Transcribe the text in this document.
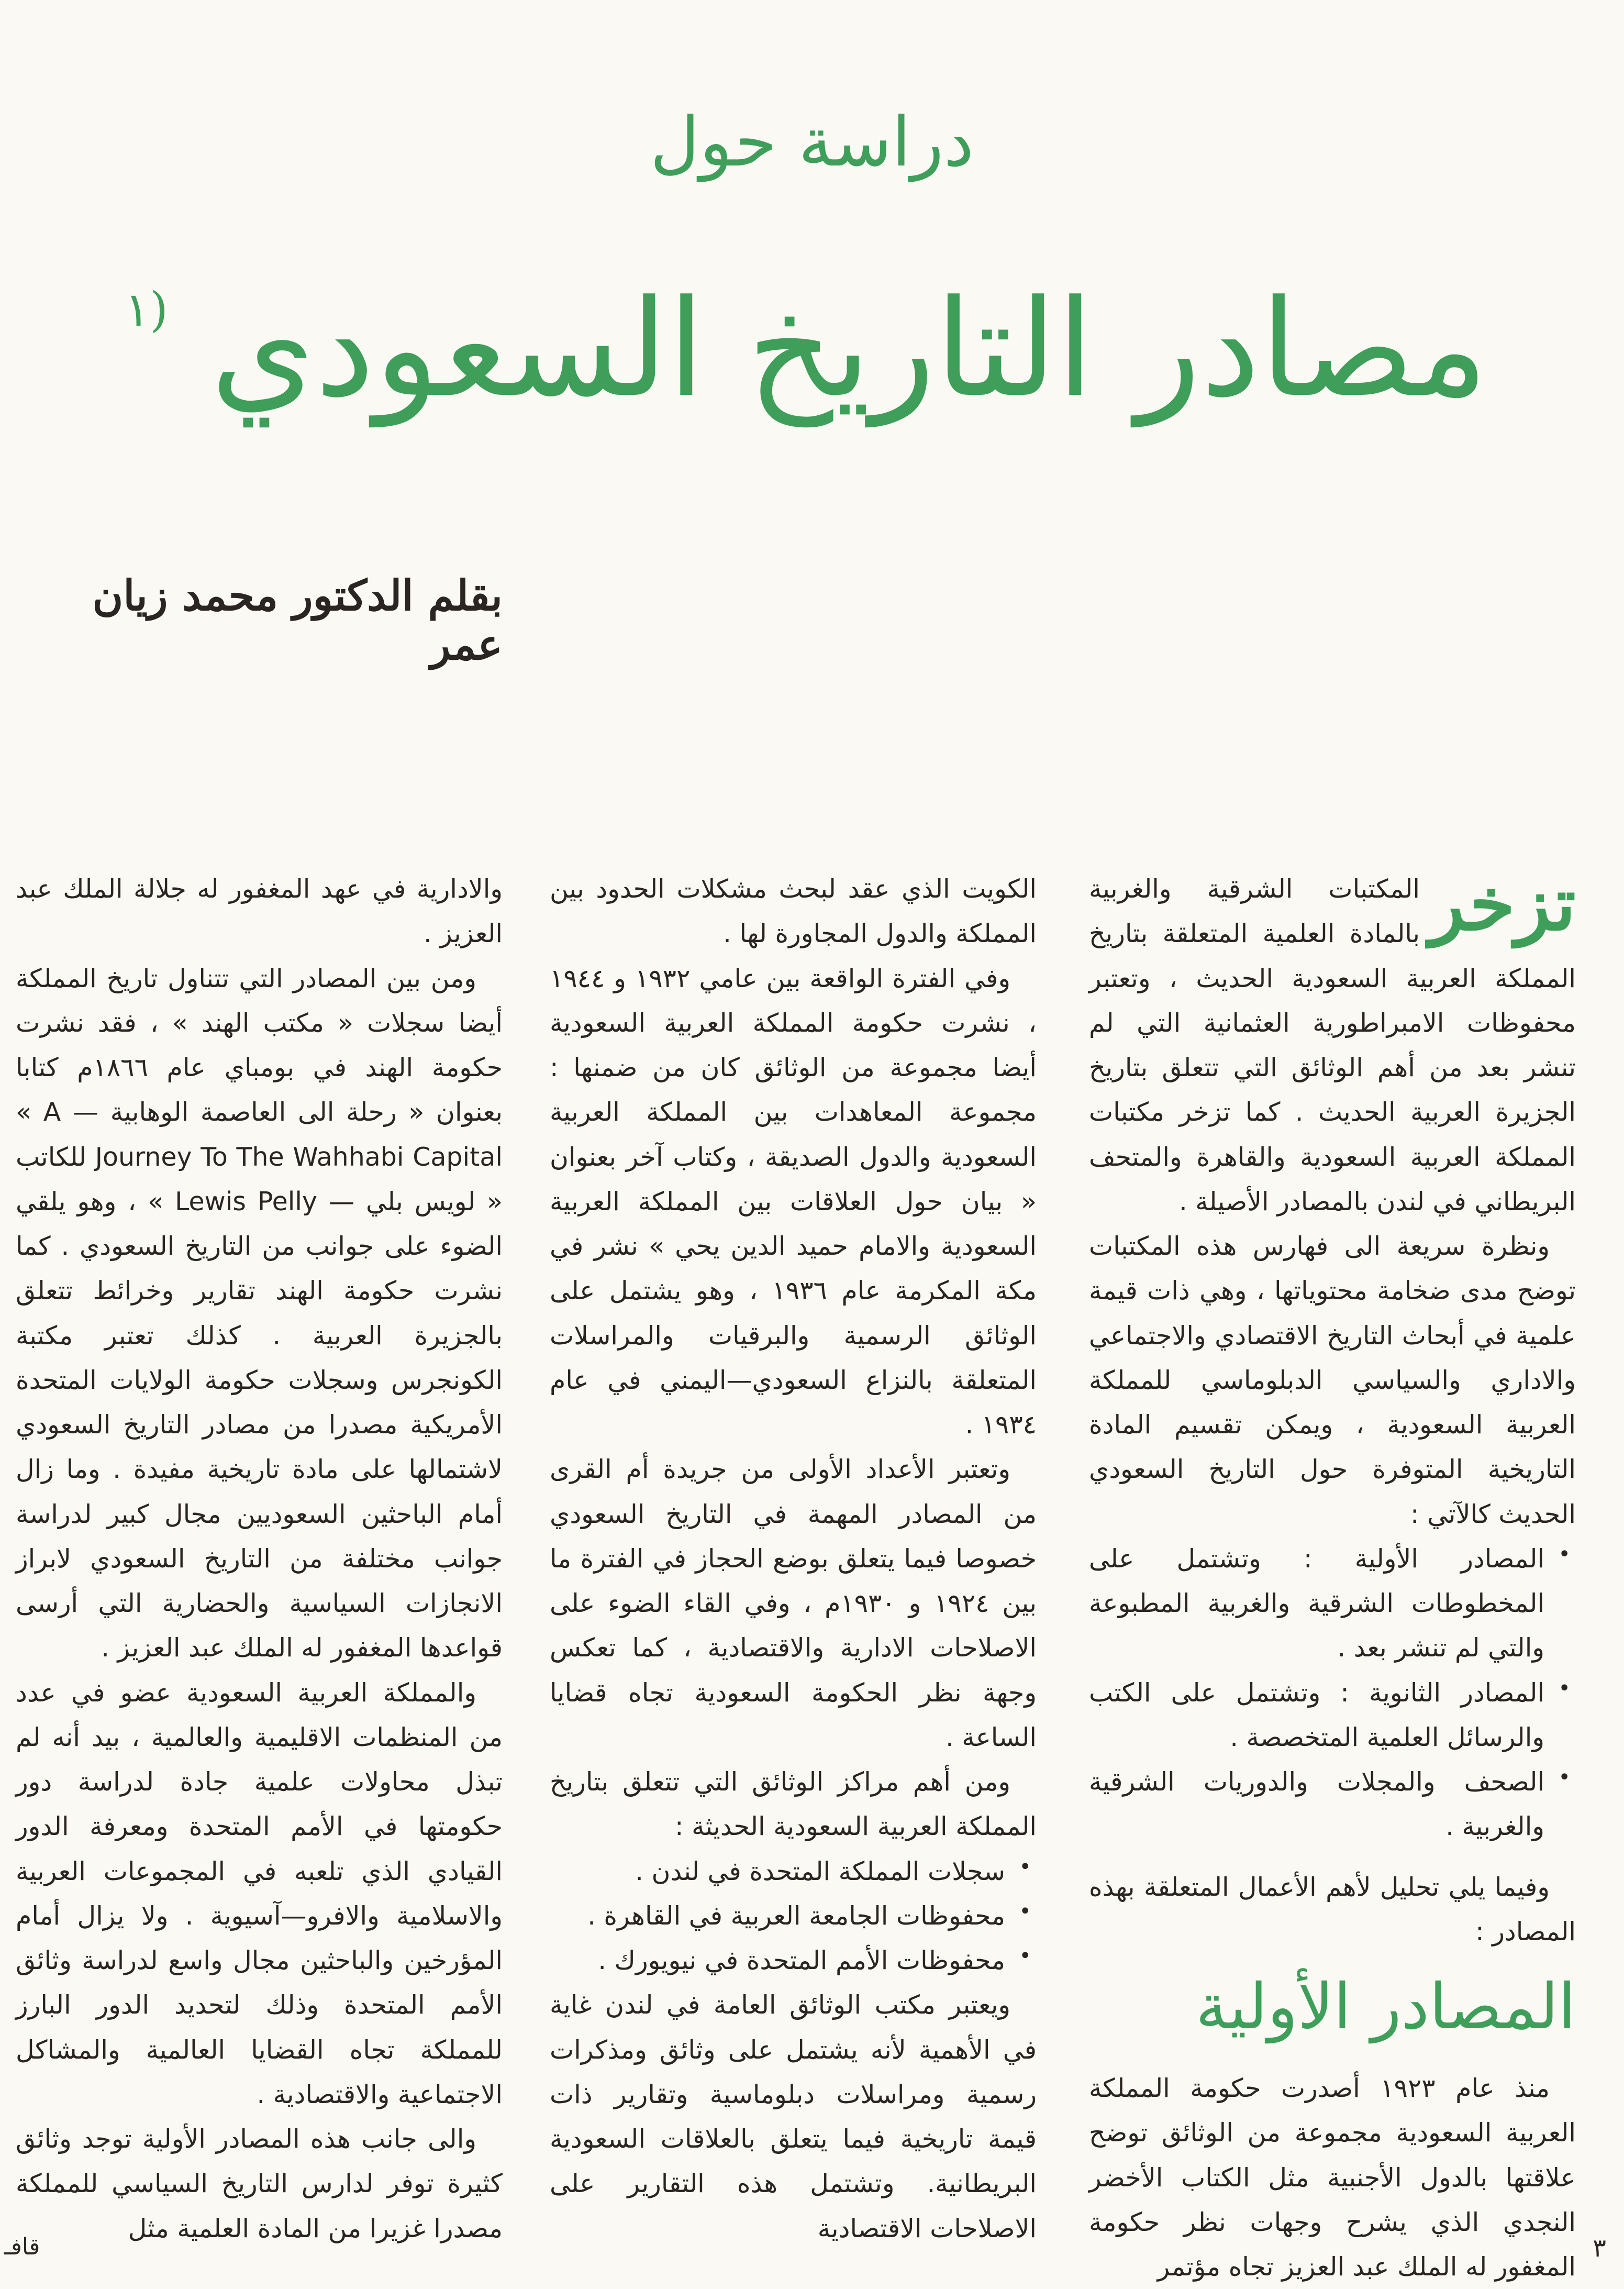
دراسة حول
مصادر التاريخ السعودي $^{(١}$
بقلم الدكتور محمد زيان عمر

تزخر
المكتبات الشرقية والغربية بالمادة العلمية المتعلقة بتاريخ المملكة العربية السعودية الحديث ، وتعتبر محفوظات الامبراطورية العثمانية التي لم تنشر بعد من أهم الوثائق التي تتعلق بتاريخ الجزيرة العربية الحديث . كما تزخر مكتبات المملكة العربية السعودية والقاهرة والمتحف البريطاني في لندن بالمصادر الأصيلة .

ونظرة سريعة الى فهارس هذه المكتبات توضح مدى ضخامة محتوياتها ، وهي ذات قيمة علمية في أبحاث التاريخ الاقتصادي والاجتماعي والاداري والسياسي الدبلوماسي للمملكة العربية السعودية ، ويمكن تقسيم المادة التاريخية المتوفرة حول التاريخ السعودي الحديث كالآتي :

• المصادر الأولية : وتشتمل على المخطوطات الشرقية والغربية المطبوعة والتي لم تنشر بعد .
• المصادر الثانوية : وتشتمل على الكتب والرسائل العلمية المتخصصة .
• الصحف والمجلات والدوريات الشرقية والغربية .

وفيما يلي تحليل لأهم الأعمال المتعلقة بهذه المصادر :

المصادر الأولية

منذ عام ١٩٢٣ أصدرت حكومة المملكة العربية السعودية مجموعة من الوثائق توضح علاقتها بالدول الأجنبية مثل الكتاب الأخضر النجدي الذي يشرح وجهات نظر حكومة المغفور له الملك عبد العزيز تجاه مؤتمر

الكويت الذي عقد لبحث مشكلات الحدود بين المملكة والدول المجاورة لها .

وفي الفترة الواقعة بين عامي ١٩٣٢ و ١٩٤٤ ، نشرت حكومة المملكة العربية السعودية أيضا مجموعة من الوثائق كان من ضمنها : مجموعة المعاهدات بين المملكة العربية السعودية والدول الصديقة ، وكتاب آخر بعنوان « بيان حول العلاقات بين المملكة العربية السعودية والامام حميد الدين يحي » نشر في مكة المكرمة عام ١٩٣٦ ، وهو يشتمل على الوثائق الرسمية والبرقيات والمراسلات المتعلقة بالنزاع السعودي—اليمني في عام ١٩٣٤ .

وتعتبر الأعداد الأولى من جريدة أم القرى من المصادر المهمة في التاريخ السعودي خصوصا فيما يتعلق بوضع الحجاز في الفترة ما بين ١٩٢٤ و ١٩٣٠م ، وفي القاء الضوء على الاصلاحات الادارية والاقتصادية ، كما تعكس وجهة نظر الحكومة السعودية تجاه قضايا الساعة .

ومن أهم مراكز الوثائق التي تتعلق بتاريخ المملكة العربية السعودية الحديثة :

• سجلات المملكة المتحدة في لندن .
• محفوظات الجامعة العربية في القاهرة .
• محفوظات الأمم المتحدة في نيويورك .

ويعتبر مكتب الوثائق العامة في لندن غاية في الأهمية لأنه يشتمل على وثائق ومذكرات رسمية ومراسلات دبلوماسية وتقارير ذات قيمة تاريخية فيما يتعلق بالعلاقات السعودية البريطانية. وتشتمل هذه التقارير على الاصلاحات الاقتصادية

والادارية في عهد المغفور له جلالة الملك عبد العزيز .

ومن بين المصادر التي تتناول تاريخ المملكة أيضا سجلات « مكتب الهند » ، فقد نشرت حكومة الهند في بومباي عام ١٨٦٦م كتابا بعنوان « رحلة الى العاصمة الوهابية — « A Journey To The Wahhabi Capital للكاتب « لويس بلي — Lewis Pelly » ، وهو يلقي الضوء على جوانب من التاريخ السعودي . كما نشرت حكومة الهند تقارير وخرائط تتعلق بالجزيرة العربية . كذلك تعتبر مكتبة الكونجرس وسجلات حكومة الولايات المتحدة الأمريكية مصدرا من مصادر التاريخ السعودي لاشتمالها على مادة تاريخية مفيدة . وما زال أمام الباحثين السعوديين مجال كبير لدراسة جوانب مختلفة من التاريخ السعودي لابراز الانجازات السياسية والحضارية التي أرسى قواعدها المغفور له الملك عبد العزيز .

والمملكة العربية السعودية عضو في عدد من المنظمات الاقليمية والعالمية ، بيد أنه لم تبذل محاولات علمية جادة لدراسة دور حكومتها في الأمم المتحدة ومعرفة الدور القيادي الذي تلعبه في المجموعات العربية والاسلامية والافرو—آسيوية . ولا يزال أمام المؤرخين والباحثين مجال واسع لدراسة وثائق الأمم المتحدة وذلك لتحديد الدور البارز للمملكة تجاه القضايا العالمية والمشاكل الاجتماعية والاقتصادية .

والى جانب هذه المصادر الأولية توجد وثائق كثيرة توفر لدارس التاريخ السياسي للمملكة مصدرا غزيرا من المادة العلمية مثل

٣
قافـ
